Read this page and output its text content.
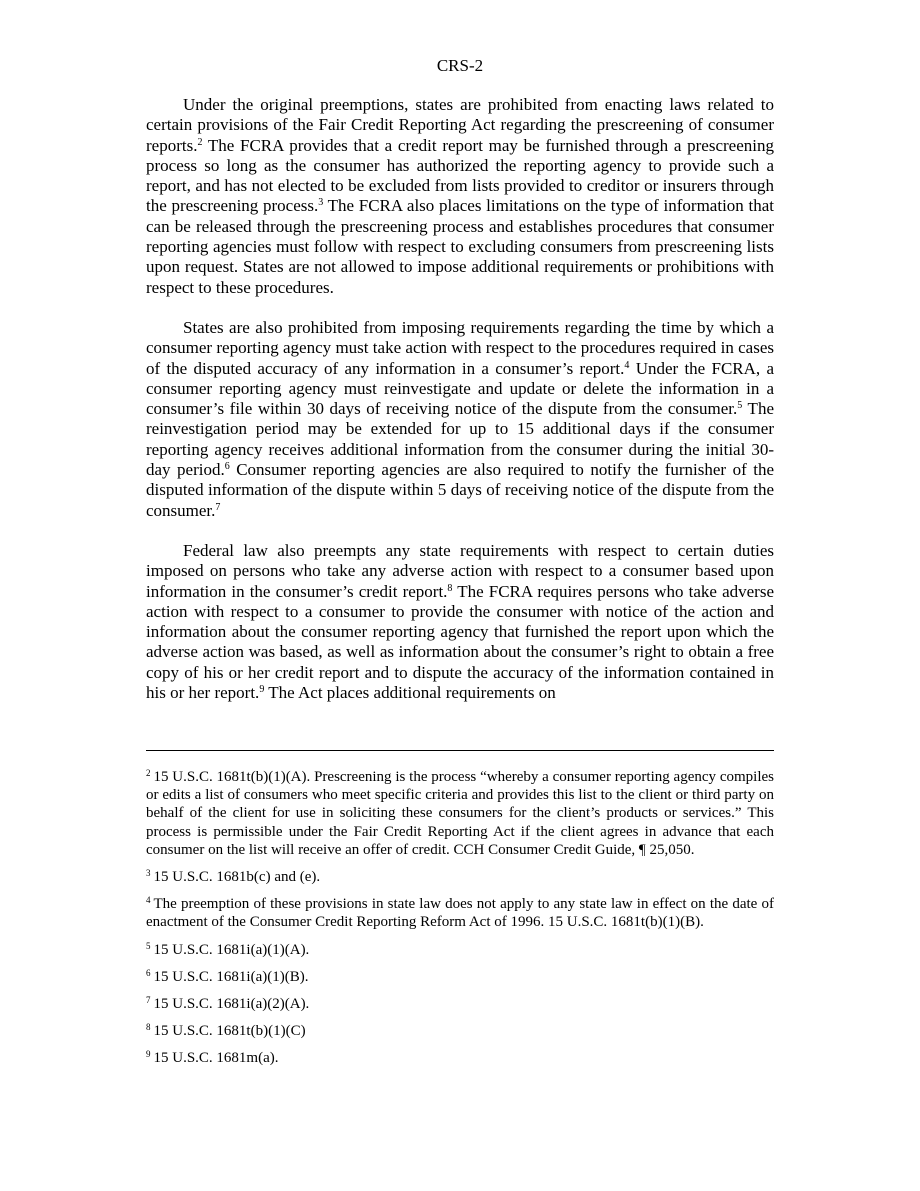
CRS-2

Under the original preemptions, states are prohibited from enacting laws related to certain provisions of the Fair Credit Reporting Act regarding the prescreening of consumer reports.$^2$ The FCRA provides that a credit report may be furnished through a prescreening process so long as the consumer has authorized the reporting agency to provide such a report, and has not elected to be excluded from lists provided to creditor or insurers through the prescreening process.$^3$ The FCRA also places limitations on the type of information that can be released through the prescreening process and establishes procedures that consumer reporting agencies must follow with respect to excluding consumers from prescreening lists upon request. States are not allowed to impose additional requirements or prohibitions with respect to these procedures.

States are also prohibited from imposing requirements regarding the time by which a consumer reporting agency must take action with respect to the procedures required in cases of the disputed accuracy of any information in a consumer’s report.$^4$ Under the FCRA, a consumer reporting agency must reinvestigate and update or delete the information in a consumer’s file within 30 days of receiving notice of the dispute from the consumer.$^5$ The reinvestigation period may be extended for up to 15 additional days if the consumer reporting agency receives additional information from the consumer during the initial 30-day period.$^6$ Consumer reporting agencies are also required to notify the furnisher of the disputed information of the dispute within 5 days of receiving notice of the dispute from the consumer.$^7$

Federal law also preempts any state requirements with respect to certain duties imposed on persons who take any adverse action with respect to a consumer based upon information in the consumer’s credit report.$^8$ The FCRA requires persons who take adverse action with respect to a consumer to provide the consumer with notice of the action and information about the consumer reporting agency that furnished the report upon which the adverse action was based, as well as information about the consumer’s right to obtain a free copy of his or her credit report and to dispute the accuracy of the information contained in his or her report.$^9$ The Act places additional requirements on

$^2$ 15 U.S.C. 1681t(b)(1)(A). Prescreening is the process “whereby a consumer reporting agency compiles or edits a list of consumers who meet specific criteria and provides this list to the client or third party on behalf of the client for use in soliciting these consumers for the client’s products or services.” This process is permissible under the Fair Credit Reporting Act if the client agrees in advance that each consumer on the list will receive an offer of credit. CCH Consumer Credit Guide, ¶ 25,050.

$^3$ 15 U.S.C. 1681b(c) and (e).

$^4$ The preemption of these provisions in state law does not apply to any state law in effect on the date of enactment of the Consumer Credit Reporting Reform Act of 1996. 15 U.S.C. 1681t(b)(1)(B).

$^5$ 15 U.S.C. 1681i(a)(1)(A).

$^6$ 15 U.S.C. 1681i(a)(1)(B).

$^7$ 15 U.S.C. 1681i(a)(2)(A).

$^8$ 15 U.S.C. 1681t(b)(1)(C)

$^9$ 15 U.S.C. 1681m(a).
